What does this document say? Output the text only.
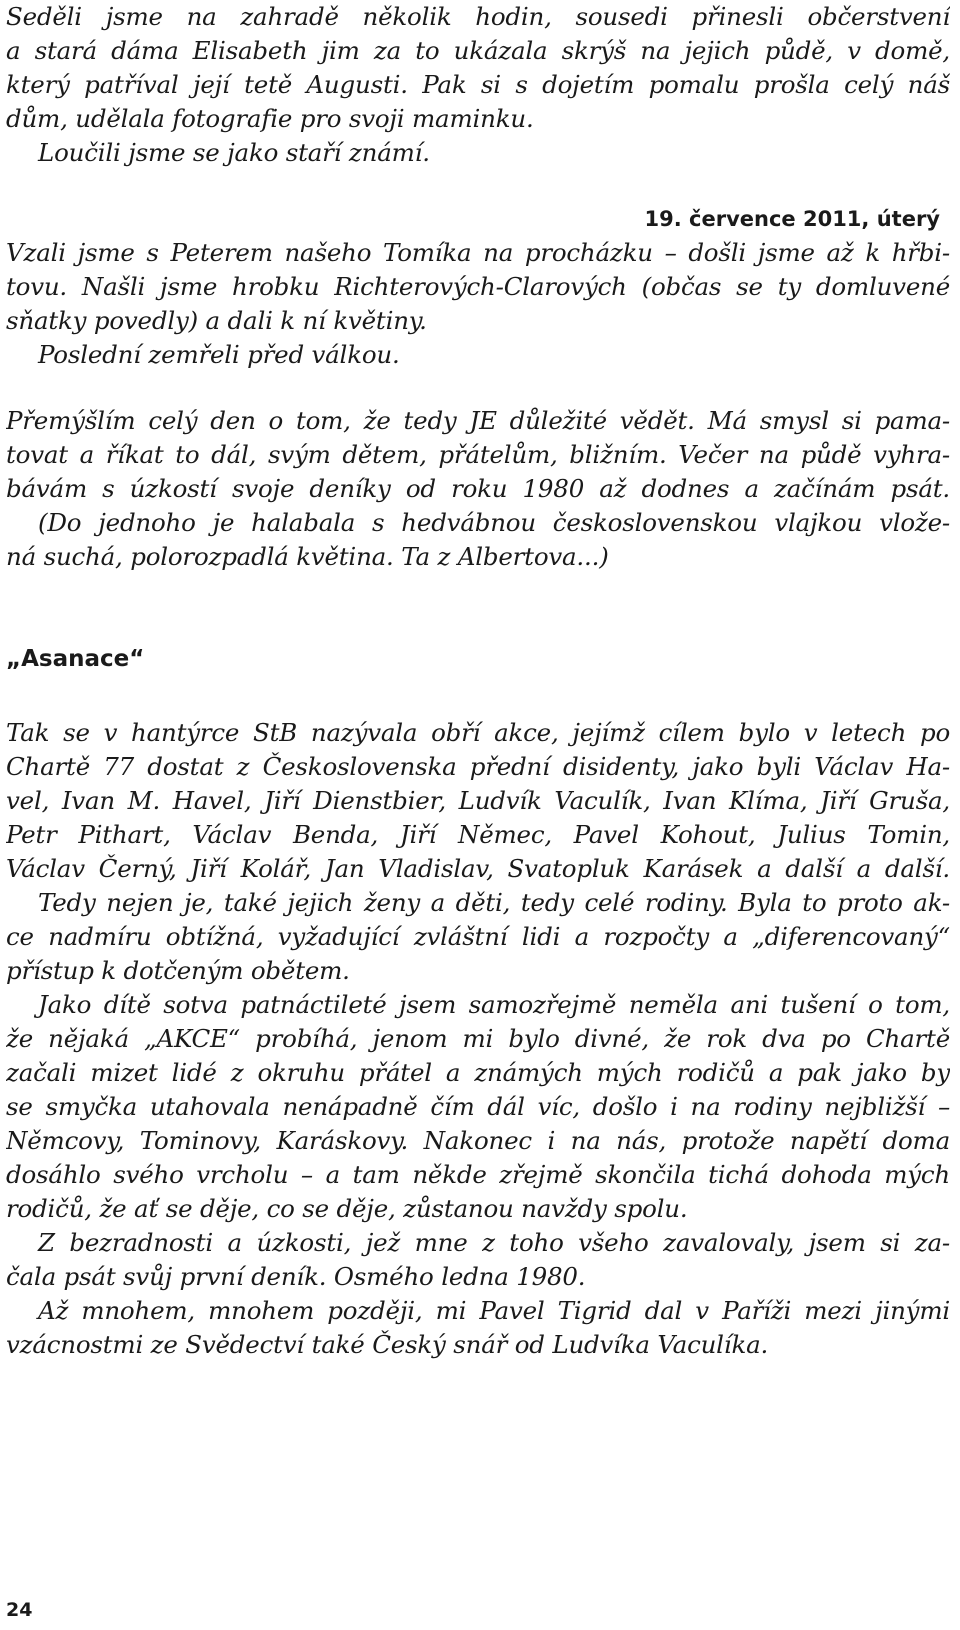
Seděli jsme na zahradě několik hodin, sousedi přinesli občerstvení
a stará dáma Elisabeth jim za to ukázala skrýš na jejich půdě, v domě,
který patříval její tetě Augusti. Pak si s dojetím pomalu prošla celý náš
dům, udělala fotografie pro svoji maminku.
Loučili jsme se jako staří známí.
19. července 2011, úterý
Vzali jsme s Peterem našeho Tomíka na procházku – došli jsme až k hřbi-
tovu. Našli jsme hrobku Richterových-Clarových (občas se ty domluvené
sňatky povedly) a dali k ní květiny.
Poslední zemřeli před válkou.
Přemýšlím celý den o tom, že tedy JE důležité vědět. Má smysl si pama-
tovat a říkat to dál, svým dětem, přátelům, bližním. Večer na půdě vyhra-
bávám s úzkostí svoje deníky od roku 1980 až dodnes a začínám psát.
(Do jednoho je halabala s hedvábnou československou vlajkou vlože-
ná suchá, polorozpadlá květina. Ta z Albertova...)
„Asanace“
Tak se v hantýrce StB nazývala obří akce, jejímž cílem bylo v letech po
Chartě 77 dostat z Československa přední disidenty, jako byli Václav Ha-
vel, Ivan M. Havel, Jiří Dienstbier, Ludvík Vaculík, Ivan Klíma, Jiří Gruša,
Petr Pithart, Václav Benda, Jiří Němec, Pavel Kohout, Julius Tomin,
Václav Černý, Jiří Kolář, Jan Vladislav, Svatopluk Karásek a další a další.
Tedy nejen je, také jejich ženy a děti, tedy celé rodiny. Byla to proto ak-
ce nadmíru obtížná, vyžadující zvláštní lidi a rozpočty a „diferencovaný“
přístup k dotčeným obětem.
Jako dítě sotva patnáctileté jsem samozřejmě neměla ani tušení o tom,
že nějaká „AKCE“ probíhá, jenom mi bylo divné, že rok dva po Chartě
začali mizet lidé z okruhu přátel a známých mých rodičů a pak jako by
se smyčka utahovala nenápadně čím dál víc, došlo i na rodiny nejbližší –
Němcovy, Tominovy, Karáskovy. Nakonec i na nás, protože napětí doma
dosáhlo svého vrcholu – a tam někde zřejmě skončila tichá dohoda mých
rodičů, že ať se děje, co se děje, zůstanou navždy spolu.
Z bezradnosti a úzkosti, jež mne z toho všeho zavalovaly, jsem si za-
čala psát svůj první deník. Osmého ledna 1980.
Až mnohem, mnohem později, mi Pavel Tigrid dal v Paříži mezi jinými
vzácnostmi ze Svědectví také Český snář od Ludvíka Vaculíka.
24
